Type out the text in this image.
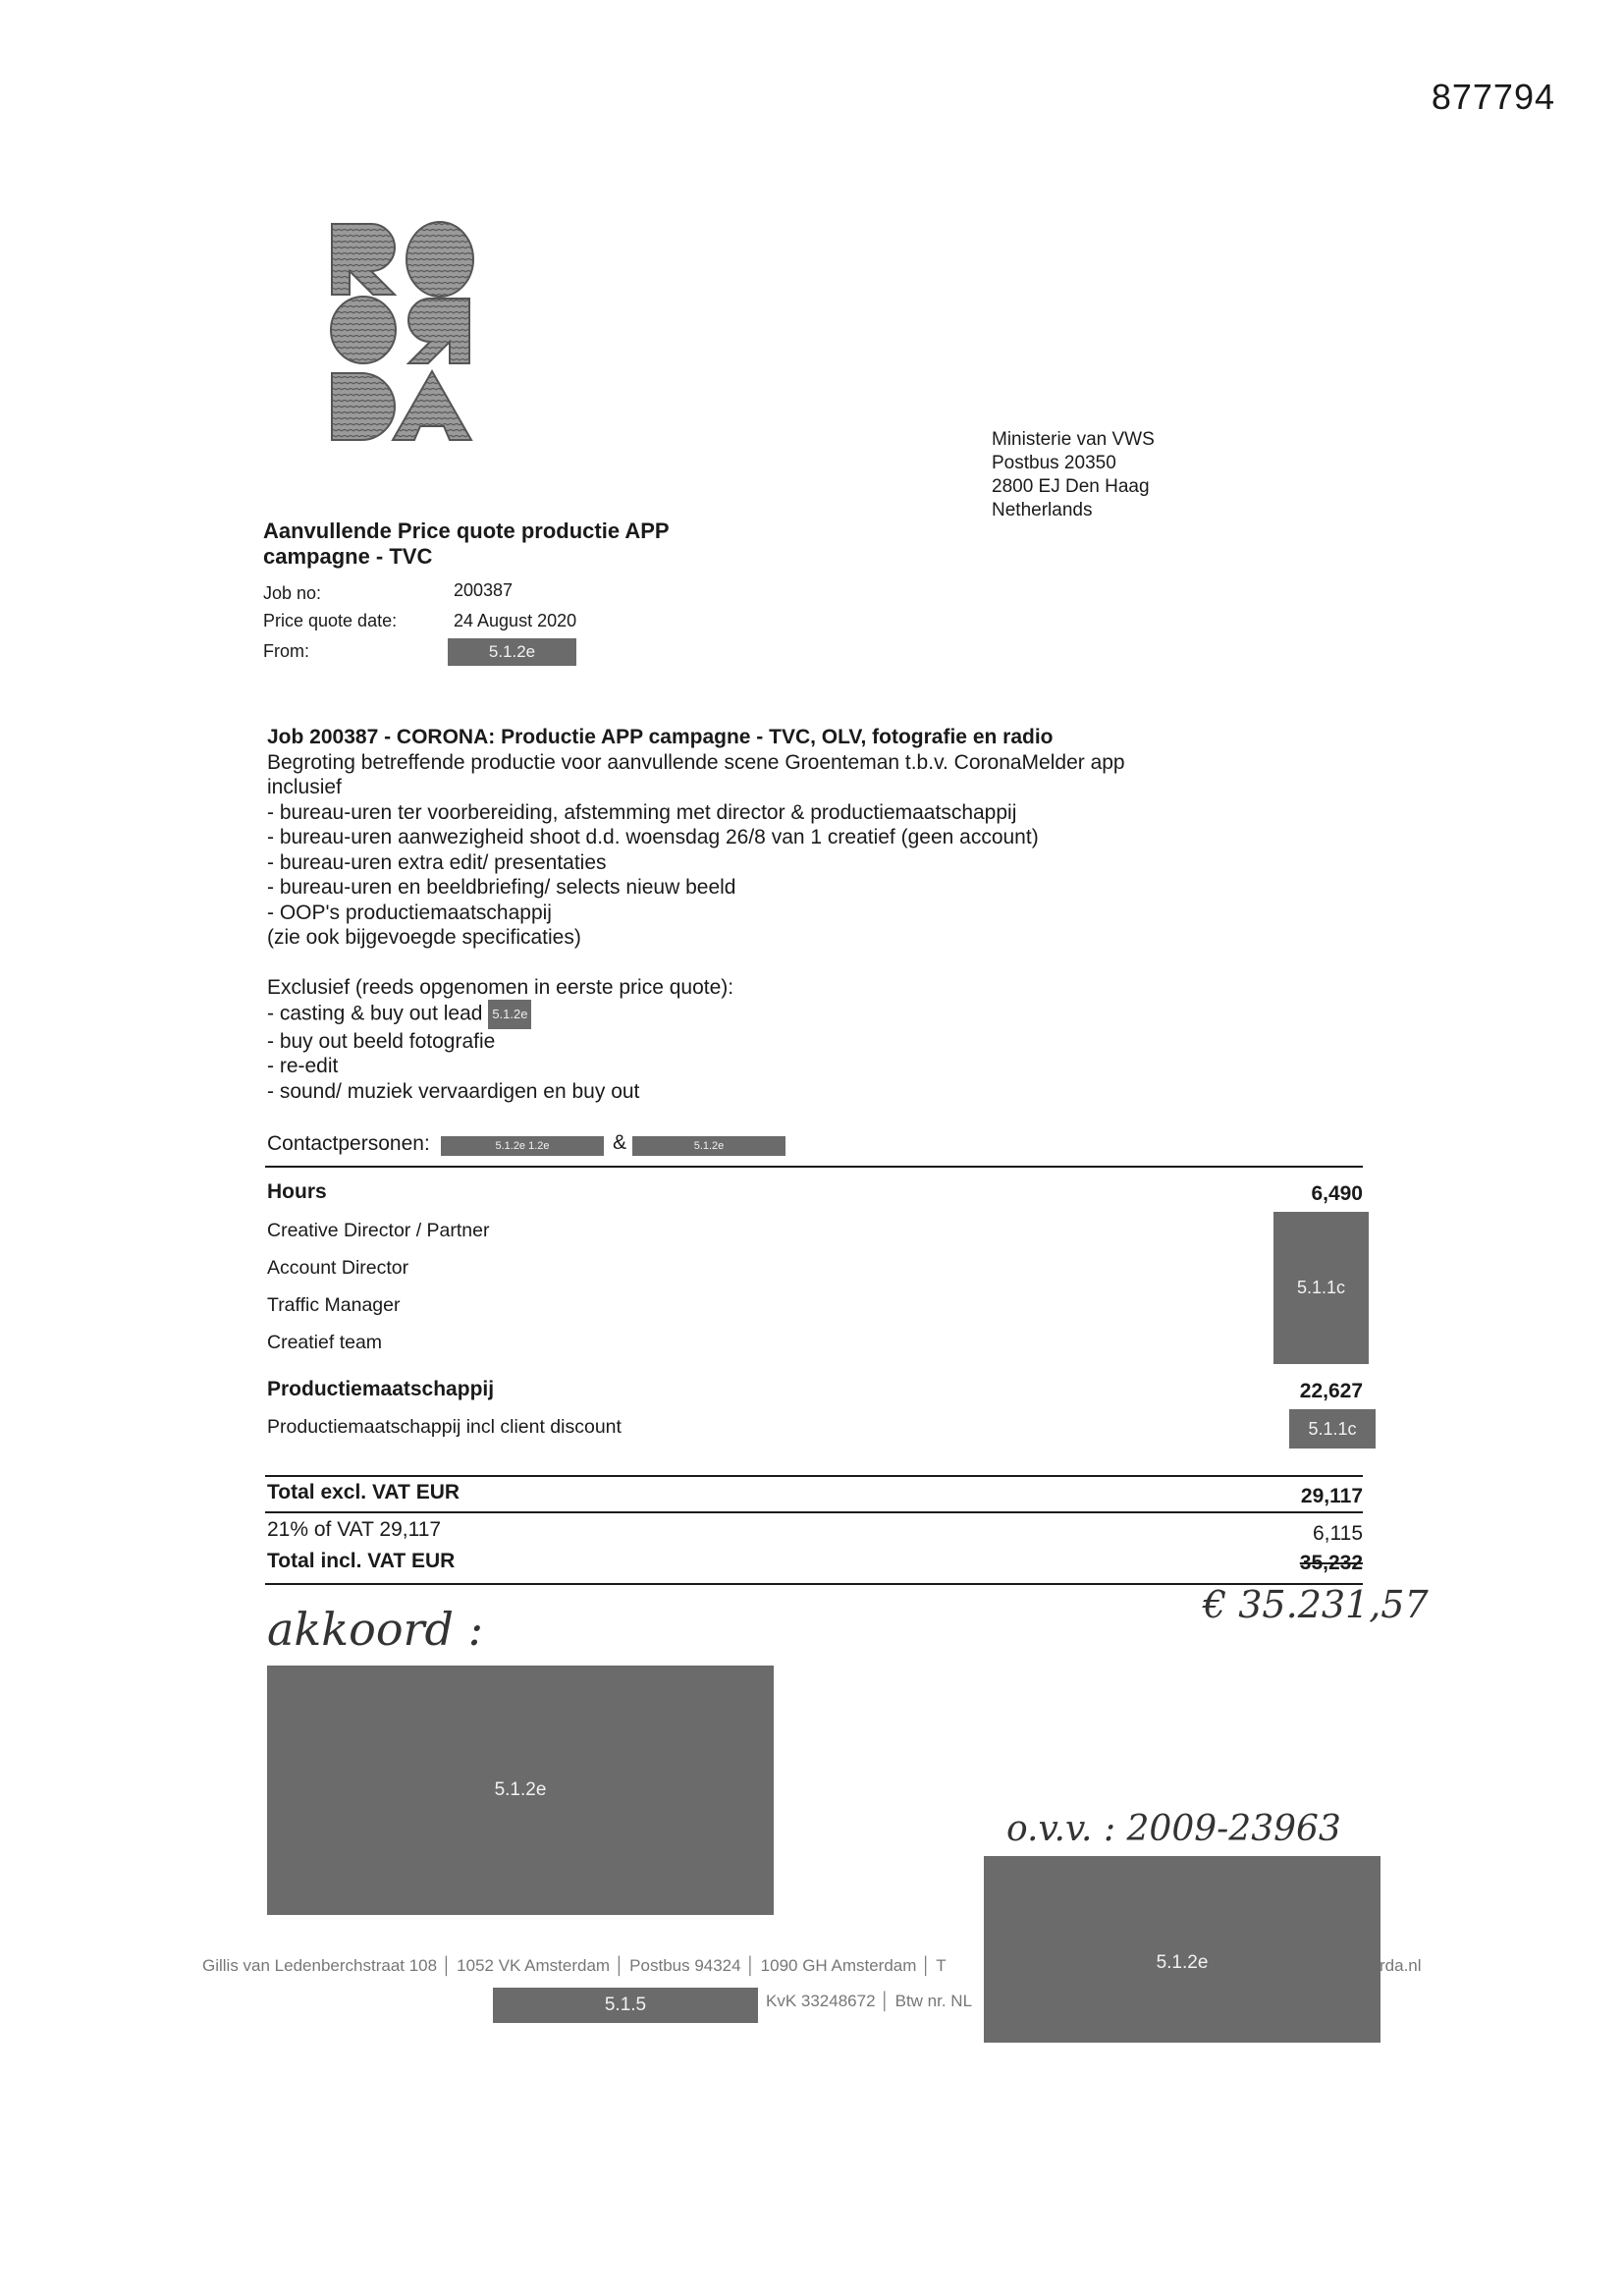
877794
Ministerie van VWS
Postbus 20350
2800 EJ Den Haag
Netherlands
Aanvullende Price quote productie APP campagne - TVC
Job no:	200387
Price quote date:	24 August 2020
From:	5.1.2e
Job 200387 - CORONA: Productie APP campagne - TVC, OLV, fotografie en radio
Begroting betreffende productie voor aanvullende scene Groenteman t.b.v. CoronaMelder app
inclusief
- bureau-uren ter voorbereiding, afstemming met director & productiemaatschappij
- bureau-uren aanwezigheid shoot d.d. woensdag 26/8 van 1 creatief (geen account)
- bureau-uren extra edit/ presentaties
- bureau-uren en beeldbriefing/ selects nieuw beeld
- OOP's productiemaatschappij
(zie ook bijgevoegde specificaties)
Exclusief (reeds opgenomen in eerste price quote):
- casting & buy out lead 5.1.2e
- buy out beeld fotografie
- re-edit
- sound/ muziek vervaardigen en buy out
Contactpersonen:	5.1.2e 1.2e	&	5.1.2e
Hours	6,490
Creative Director / Partner
Account Director
Traffic Manager
Creatief team
5.1.1c
Productiemaatschappij	22,627
Productiemaatschappij incl client discount	5.1.1c
Total excl. VAT EUR	29,117
21% of VAT 29,117	6,115
Total incl. VAT EUR	35,232
€ 35.231,57
akkoord :
o.v.v. : 2009-23963
5.1.2e
5.1.2e
Gillis van Ledenberchstraat 108 │ 1052 VK Amsterdam │ Postbus 94324 │ 1090 GH Amsterdam │ T	rda.nl
5.1.5	KvK 33248672 │ Btw nr. NL
